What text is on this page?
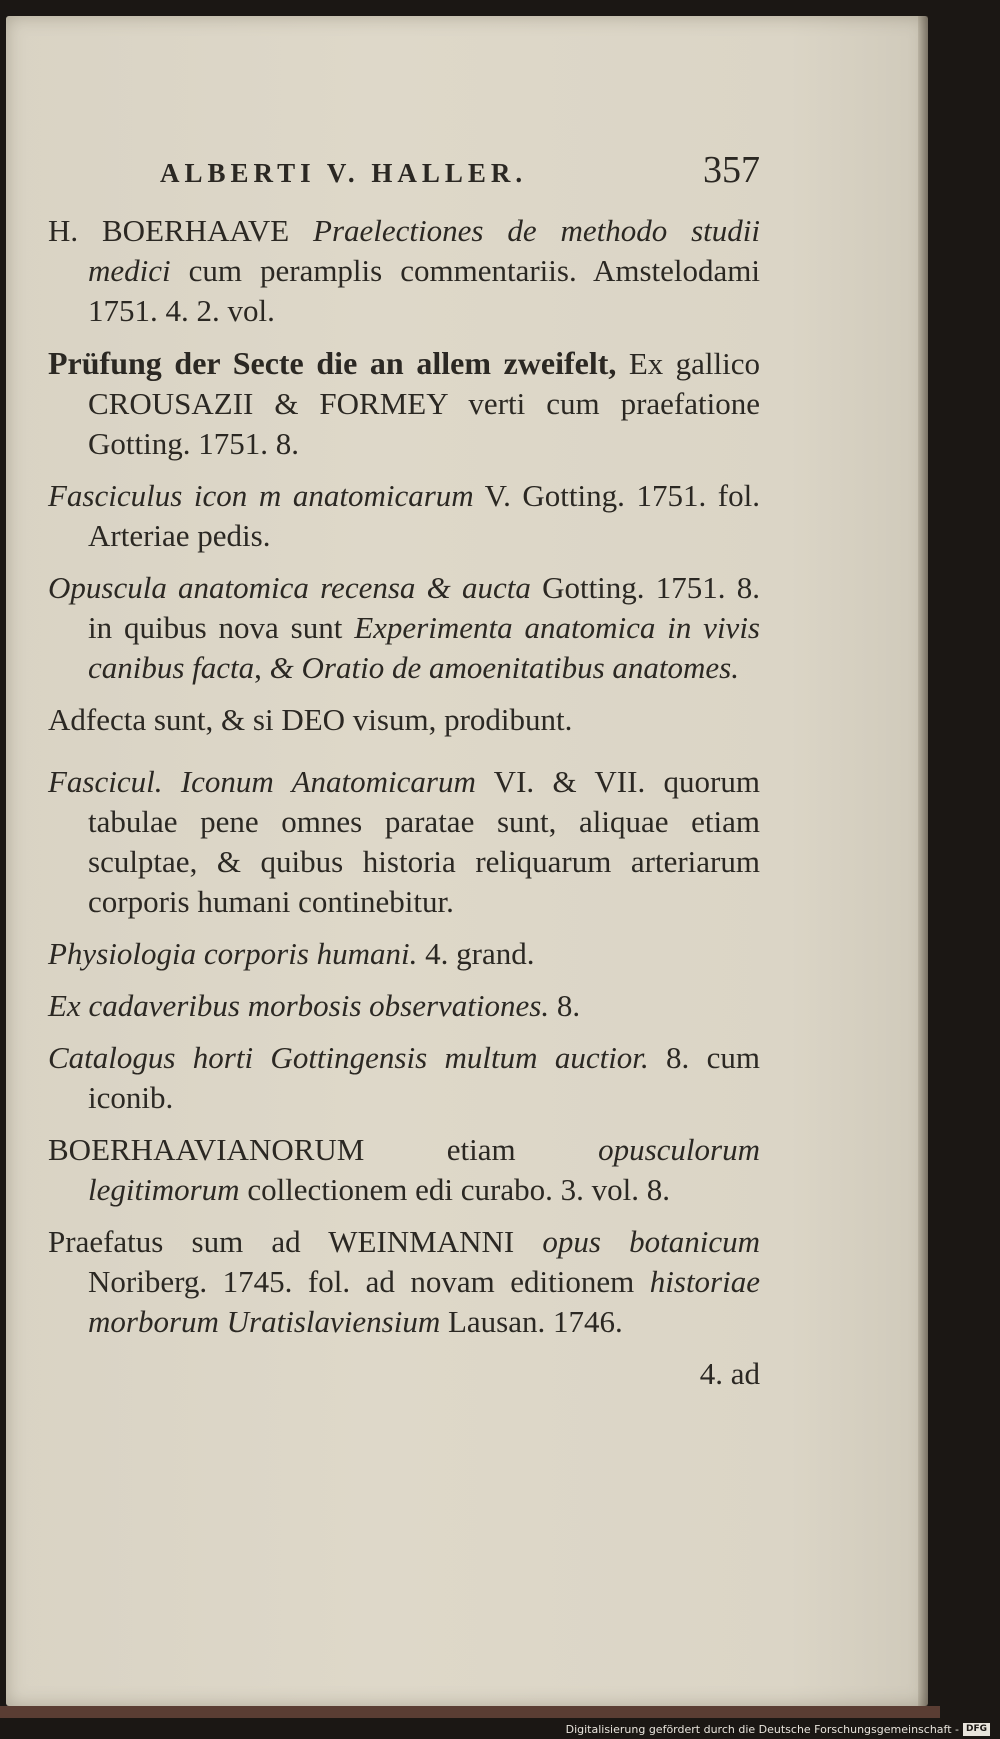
ALBERTI V. HALLER.	357

H. BOERHAAVE Praelectiones de methodo studii medici cum peramplis commentariis. Amstelodami 1751. 4. 2. vol.

Prüfung der Secte die an allem zweifelt, Ex gallico CROUSAZII & FORMEY verti cum praefatione Gotting. 1751. 8.

Fasciculus icon m anatomicarum V. Gotting. 1751. fol. Arteriae pedis.

Opuscula anatomica recensa & aucta Gotting. 1751. 8. in quibus nova sunt Experimenta anatomica in vivis canibus facta, & Oratio de amoenitatibus anatomes.

Adfecta sunt, & si DEO visum, prodibunt.

Fascicul. Iconum Anatomicarum VI. & VII. quorum tabulae pene omnes paratae sunt, aliquae etiam sculptae, & quibus historia reliquarum arteriarum corporis humani continebitur.

Physiologia corporis humani. 4. grand.

Ex cadaveribus morbosis observationes. 8.

Catalogus horti Gottingensis multum auctior. 8. cum iconib.

BOERHAAVIANORUM etiam opusculorum legitimorum collectionem edi curabo. 3. vol. 8.

Praefatus sum ad WEINMANNI opus botanicum Noriberg. 1745. fol. ad novam editionem historiae morborum Uratislaviensium Lausan. 1746.

4. ad
Digitalisierung gefördert durch die Deutsche Forschungsgemeinschaft - DFG
